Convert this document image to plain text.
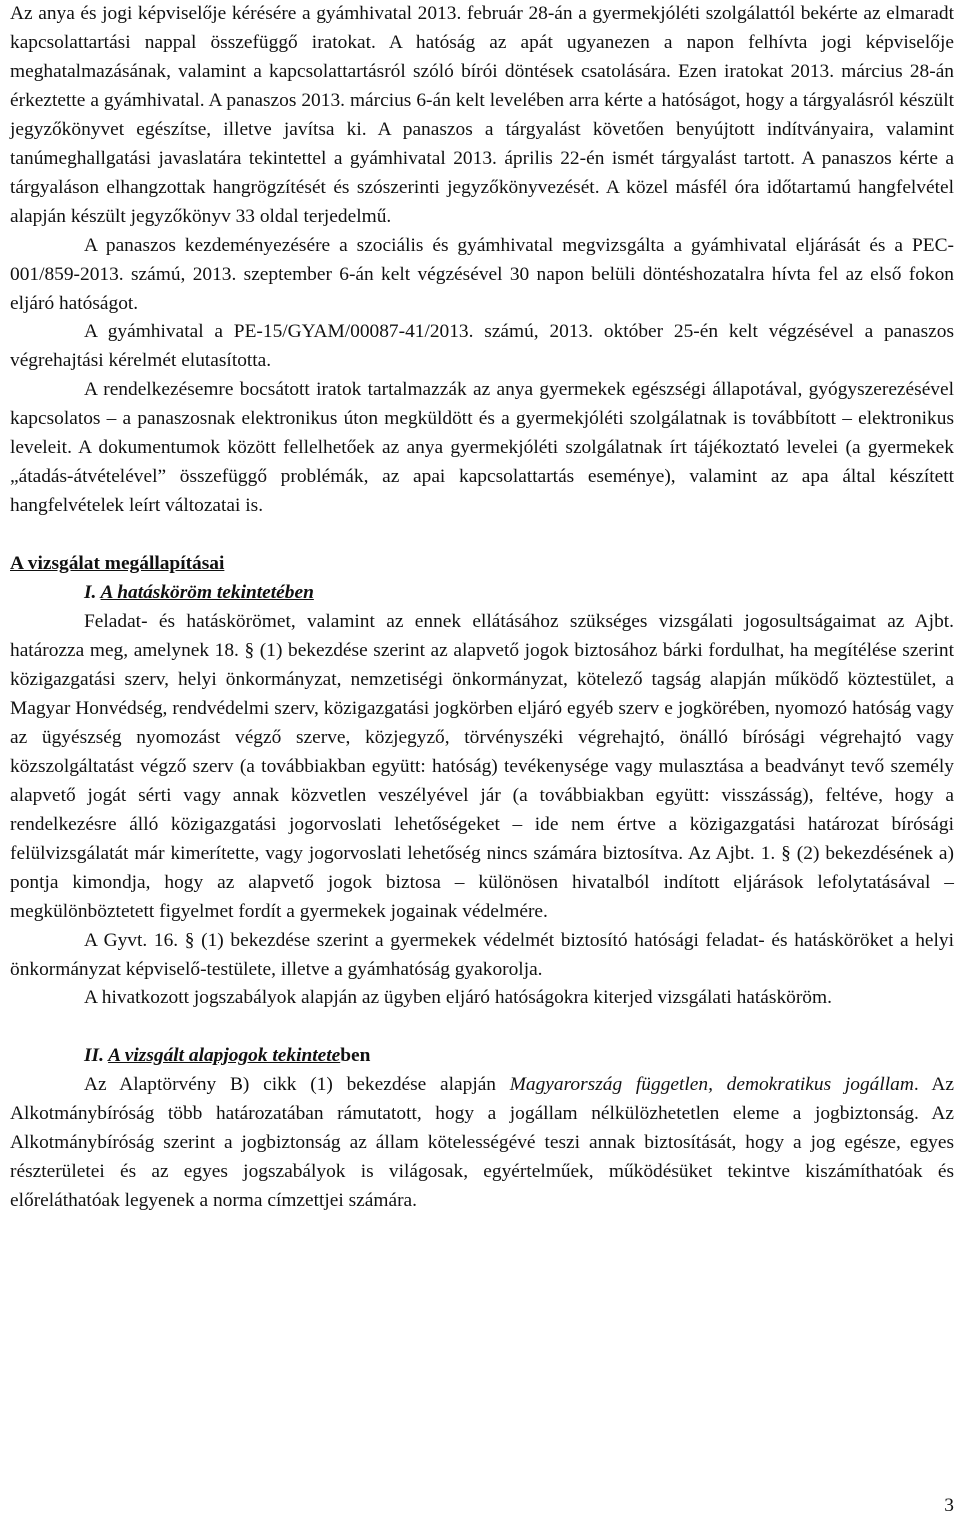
Az anya és jogi képviselője kérésére a gyámhivatal 2013. február 28-án a gyermekjóléti szolgálattól bekérte az elmaradt kapcsolattartási nappal összefüggő iratokat. A hatóság az apát ugyanezen a napon felhívta jogi képviselője meghatalmazásának, valamint a kapcsolattartásról szóló bírói döntések csatolására. Ezen iratokat 2013. március 28-án érkeztette a gyámhivatal. A panaszos 2013. március 6-án kelt levelében arra kérte a hatóságot, hogy a tárgyalásról készült jegyzőkönyvet egészítse, illetve javítsa ki. A panaszos a tárgyalást követően benyújtott indítványaira, valamint tanúmeghallgatási javaslatára tekintettel a gyámhivatal 2013. április 22-én ismét tárgyalást tartott. A panaszos kérte a tárgyaláson elhangzottak hangrögzítését és szószerinti jegyzőkönyvezését. A közel másfél óra időtartamú hangfelvétel alapján készült jegyzőkönyv 33 oldal terjedelmű.

A panaszos kezdeményezésére a szociális és gyámhivatal megvizsgálta a gyámhivatal eljárását és a PEC-001/859-2013. számú, 2013. szeptember 6-án kelt végzésével 30 napon belüli döntéshozatalra hívta fel az első fokon eljáró hatóságot.

A gyámhivatal a PE-15/GYAM/00087-41/2013. számú, 2013. október 25-én kelt végzésével a panaszos végrehajtási kérelmét elutasította.

A rendelkezésemre bocsátott iratok tartalmazzák az anya gyermekek egészségi állapotával, gyógyszerezésével kapcsolatos – a panaszosnak elektronikus úton megküldött és a gyermekjóléti szolgálatnak is továbbított – elektronikus leveleit. A dokumentumok között fellelhetőek az anya gyermekjóléti szolgálatnak írt tájékoztató levelei (a gyermekek „átadás-átvételével” összefüggő problémák, az apai kapcsolattartás eseménye), valamint az apa által készített hangfelvételek leírt változatai is.

A vizsgálat megállapításai

I. A hatásköröm tekintetében

Feladat- és hatáskörömet, valamint az ennek ellátásához szükséges vizsgálati jogosultságaimat az Ajbt. határozza meg, amelynek 18. § (1) bekezdése szerint az alapvető jogok biztosához bárki fordulhat, ha megítélése szerint közigazgatási szerv, helyi önkormányzat, nemzetiségi önkormányzat, kötelező tagság alapján működő köztestület, a Magyar Honvédség, rendvédelmi szerv, közigazgatási jogkörben eljáró egyéb szerv e jogkörében, nyomozó hatóság vagy az ügyészség nyomozást végző szerve, közjegyző, törvényszéki végrehajtó, önálló bírósági végrehajtó vagy közszolgáltatást végző szerv (a továbbiakban együtt: hatóság) tevékenysége vagy mulasztása a beadványt tevő személy alapvető jogát sérti vagy annak közvetlen veszélyével jár (a továbbiakban együtt: visszásság), feltéve, hogy a rendelkezésre álló közigazgatási jogorvoslati lehetőségeket – ide nem értve a közigazgatási határozat bírósági felülvizsgálatát már kimerítette, vagy jogorvoslati lehetőség nincs számára biztosítva. Az Ajbt. 1. § (2) bekezdésének a) pontja kimondja, hogy az alapvető jogok biztosa – különösen hivatalból indított eljárások lefolytatásával – megkülönböztetett figyelmet fordít a gyermekek jogainak védelmére.

A Gyvt. 16. § (1) bekezdése szerint a gyermekek védelmét biztosító hatósági feladat- és hatásköröket a helyi önkormányzat képviselő-testülete, illetve a gyámhatóság gyakorolja.

A hivatkozott jogszabályok alapján az ügyben eljáró hatóságokra kiterjed vizsgálati hatásköröm.

II. A vizsgált alapjogok tekinteteben

Az Alaptörvény B) cikk (1) bekezdése alapján Magyarország független, demokratikus jogállam. Az Alkotmánybíróság több határozatában rámutatott, hogy a jogállam nélkülözhetetlen eleme a jogbiztonság. Az Alkotmánybíróság szerint a jogbiztonság az állam kötelességévé teszi annak biztosítását, hogy a jog egésze, egyes részterületei és az egyes jogszabályok is világosak, egyértelműek, működésüket tekintve kiszámíthatóak és előreláthatóak legyenek a norma címzettjei számára.

3
